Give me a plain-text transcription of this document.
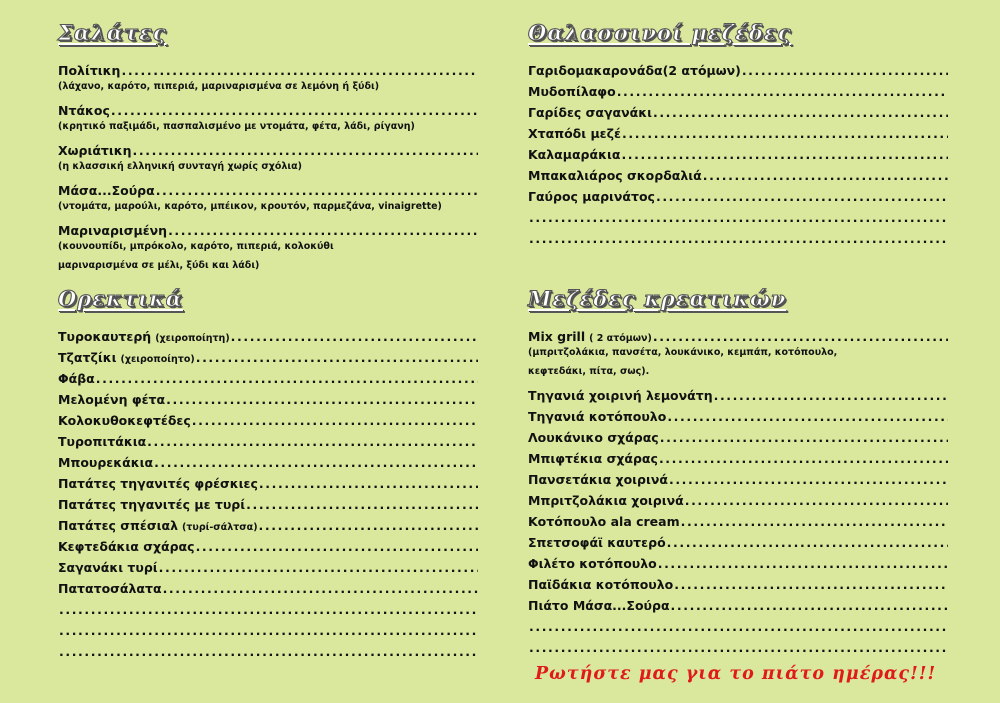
Σαλάτες
Πολίτικη
.....
(λάχανο, καρότο, πιπεριά, μαριναρισμένα σε λεμόνη ή ξύδι)
Ντάκος
.....
(κρητικό παξιμάδι, πασπαλισμένο με ντομάτα, φέτα, λάδι, ρίγανη)
Χωριάτικη
.....
(η κλασσική ελληνική συνταγή χωρίς σχόλια)
Μάσα...Σούρα
.....
(ντομάτα, μαρούλι, καρότο, μπέικον, κρουτόν, παρμεζάνα, vinaigrette)
Μαριναρισμένη
.....
(κουνουπίδι, μπρόκολο, καρότο, πιπεριά, κολοκύθι
μαριναρισμένα σε μέλι, ξύδι και λάδι)
Ορεκτικά
Τυροκαυτερή (χειροποίητη)
.....
Τζατζίκι (χειροποίητο)
.....
Φάβα
.....
Μελομένη φέτα
.....
Κολοκυθοκεφτέδες
.....
Τυροπιτάκια
.....
Μπουρεκάκια
.....
Πατάτες τηγανιτές φρέσκιες
.....
Πατάτες τηγανιτές με τυρί
.....
Πατάτες σπέσιαλ (τυρί-σάλτσα)
.....
Κεφτεδάκια σχάρας
.....
Σαγανάκι τυρί
.....
Πατατοσάλατα
.....
.....
.....
.....
Θαλασσινοί μεζέδες
Γαριδομακαρονάδα(2 ατόμων)
.....
Μυδοπίλαφο
.....
Γαρίδες σαγανάκι
.....
Χταπόδι μεζέ
.....
Καλαμαράκια
.....
Μπακαλιάρος σκορδαλιά
.....
Γαύρος μαρινάτος
.....
.....
.....
Μεζέδες κρεατικών
Mix grill ( 2 ατόμων)
.....
(μπριτζολάκια, πανσέτα, λουκάνικο, κεμπάπ, κοτόπουλο,
κεφτεδάκι, πίτα, σως).
Τηγανιά χοιρινή λεμονάτη
.....
Τηγανιά κοτόπουλο
.....
Λουκάνικο σχάρας
.....
Μπιφτέκια σχάρας
.....
Πανσετάκια χοιρινά
.....
Μπριτζολάκια χοιρινά
.....
Κοτόπουλο ala cream
.....
Σπετσοφάϊ καυτερό
.....
Φιλέτο κοτόπουλο
.....
Παϊδάκια κοτόπουλο
.....
Πιάτο Μάσα...Σούρα
.....
.....
.....
Ρωτήστε μας για το πιάτο ημέρας!!!
